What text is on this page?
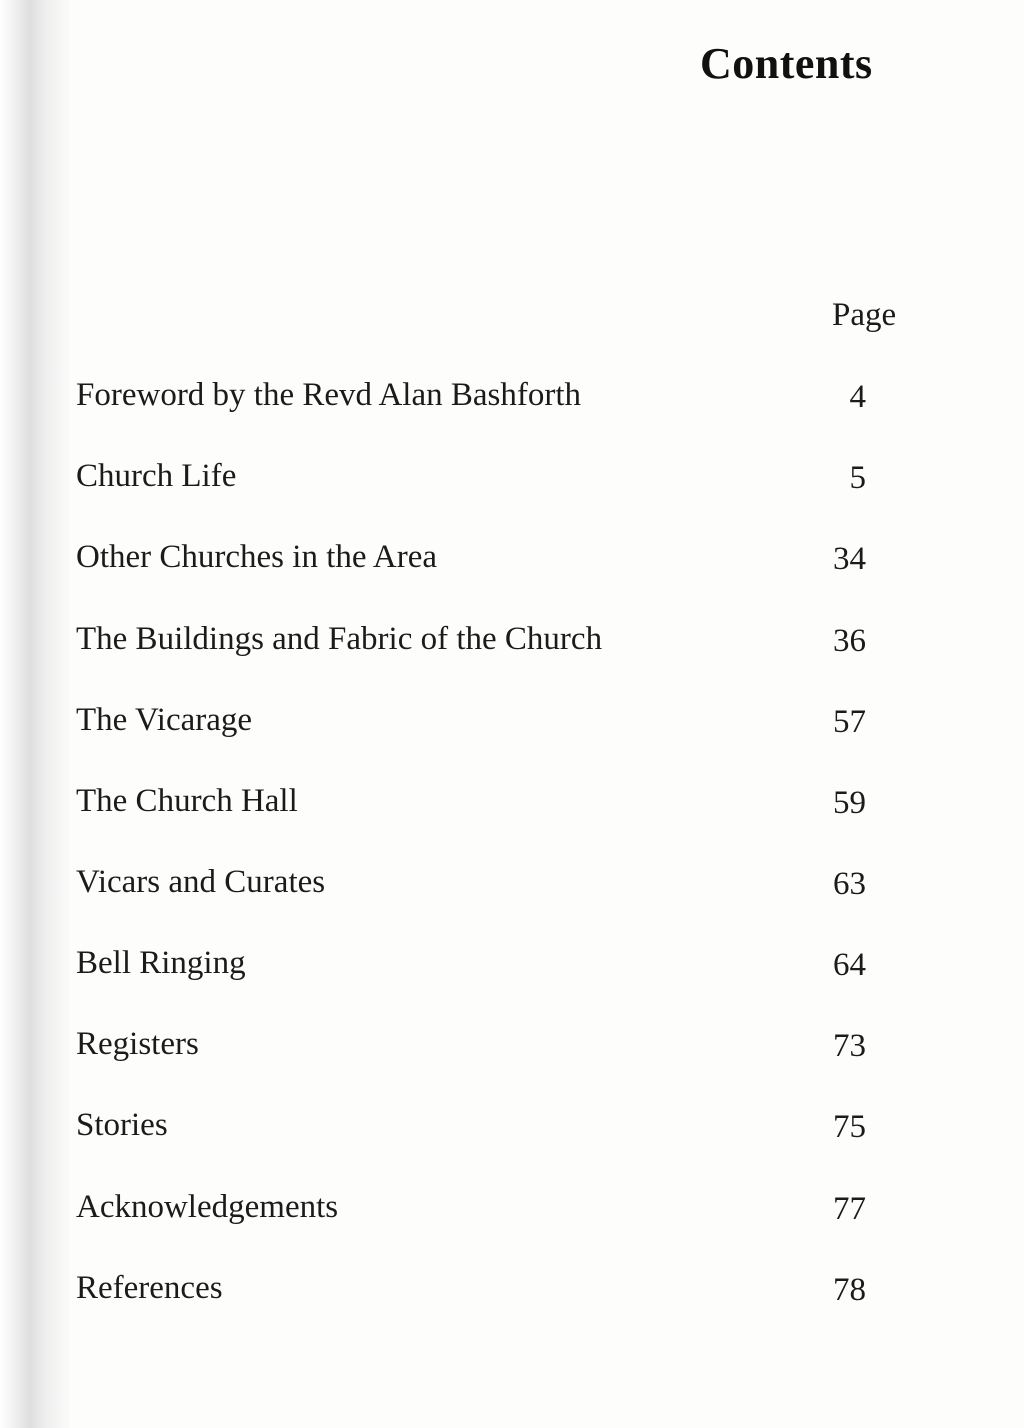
Contents
Page
Foreword by the Revd Alan Bashforth	4
Church Life	5
Other Churches in the Area	34
The Buildings and Fabric of the Church	36
The Vicarage	57
The Church Hall	59
Vicars and Curates	63
Bell Ringing	64
Registers	73
Stories	75
Acknowledgements	77
References	78
